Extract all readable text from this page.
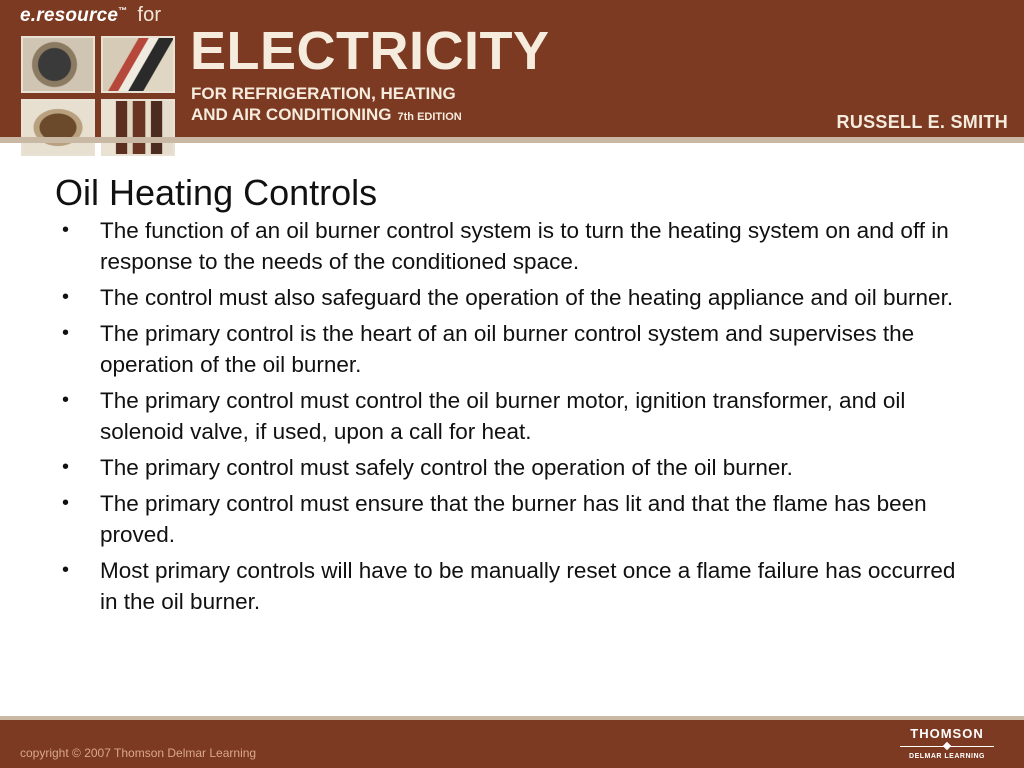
e.resource™ for
ELECTRICITY
FOR REFRIGERATION, HEATING
AND AIR CONDITIONING 7th EDITION	RUSSELL E. SMITH
Oil Heating Controls
• The function of an oil burner control system is to turn the heating system on and off in response to the needs of the conditioned space.
• The control must also safeguard the operation of the heating appliance and oil burner.
• The primary control is the heart of an oil burner control system and supervises the operation of the oil burner.
• The primary control must control the oil burner motor, ignition transformer, and oil solenoid valve, if used, upon a call for heat.
• The primary control must safely control the operation of the oil burner.
• The primary control must ensure that the burner has lit and that the flame has been proved.
• Most primary controls will have to be manually reset once a flame failure has occurred in the oil burner.
copyright © 2007 Thomson Delmar Learning
THOMSON
DELMAR LEARNING
